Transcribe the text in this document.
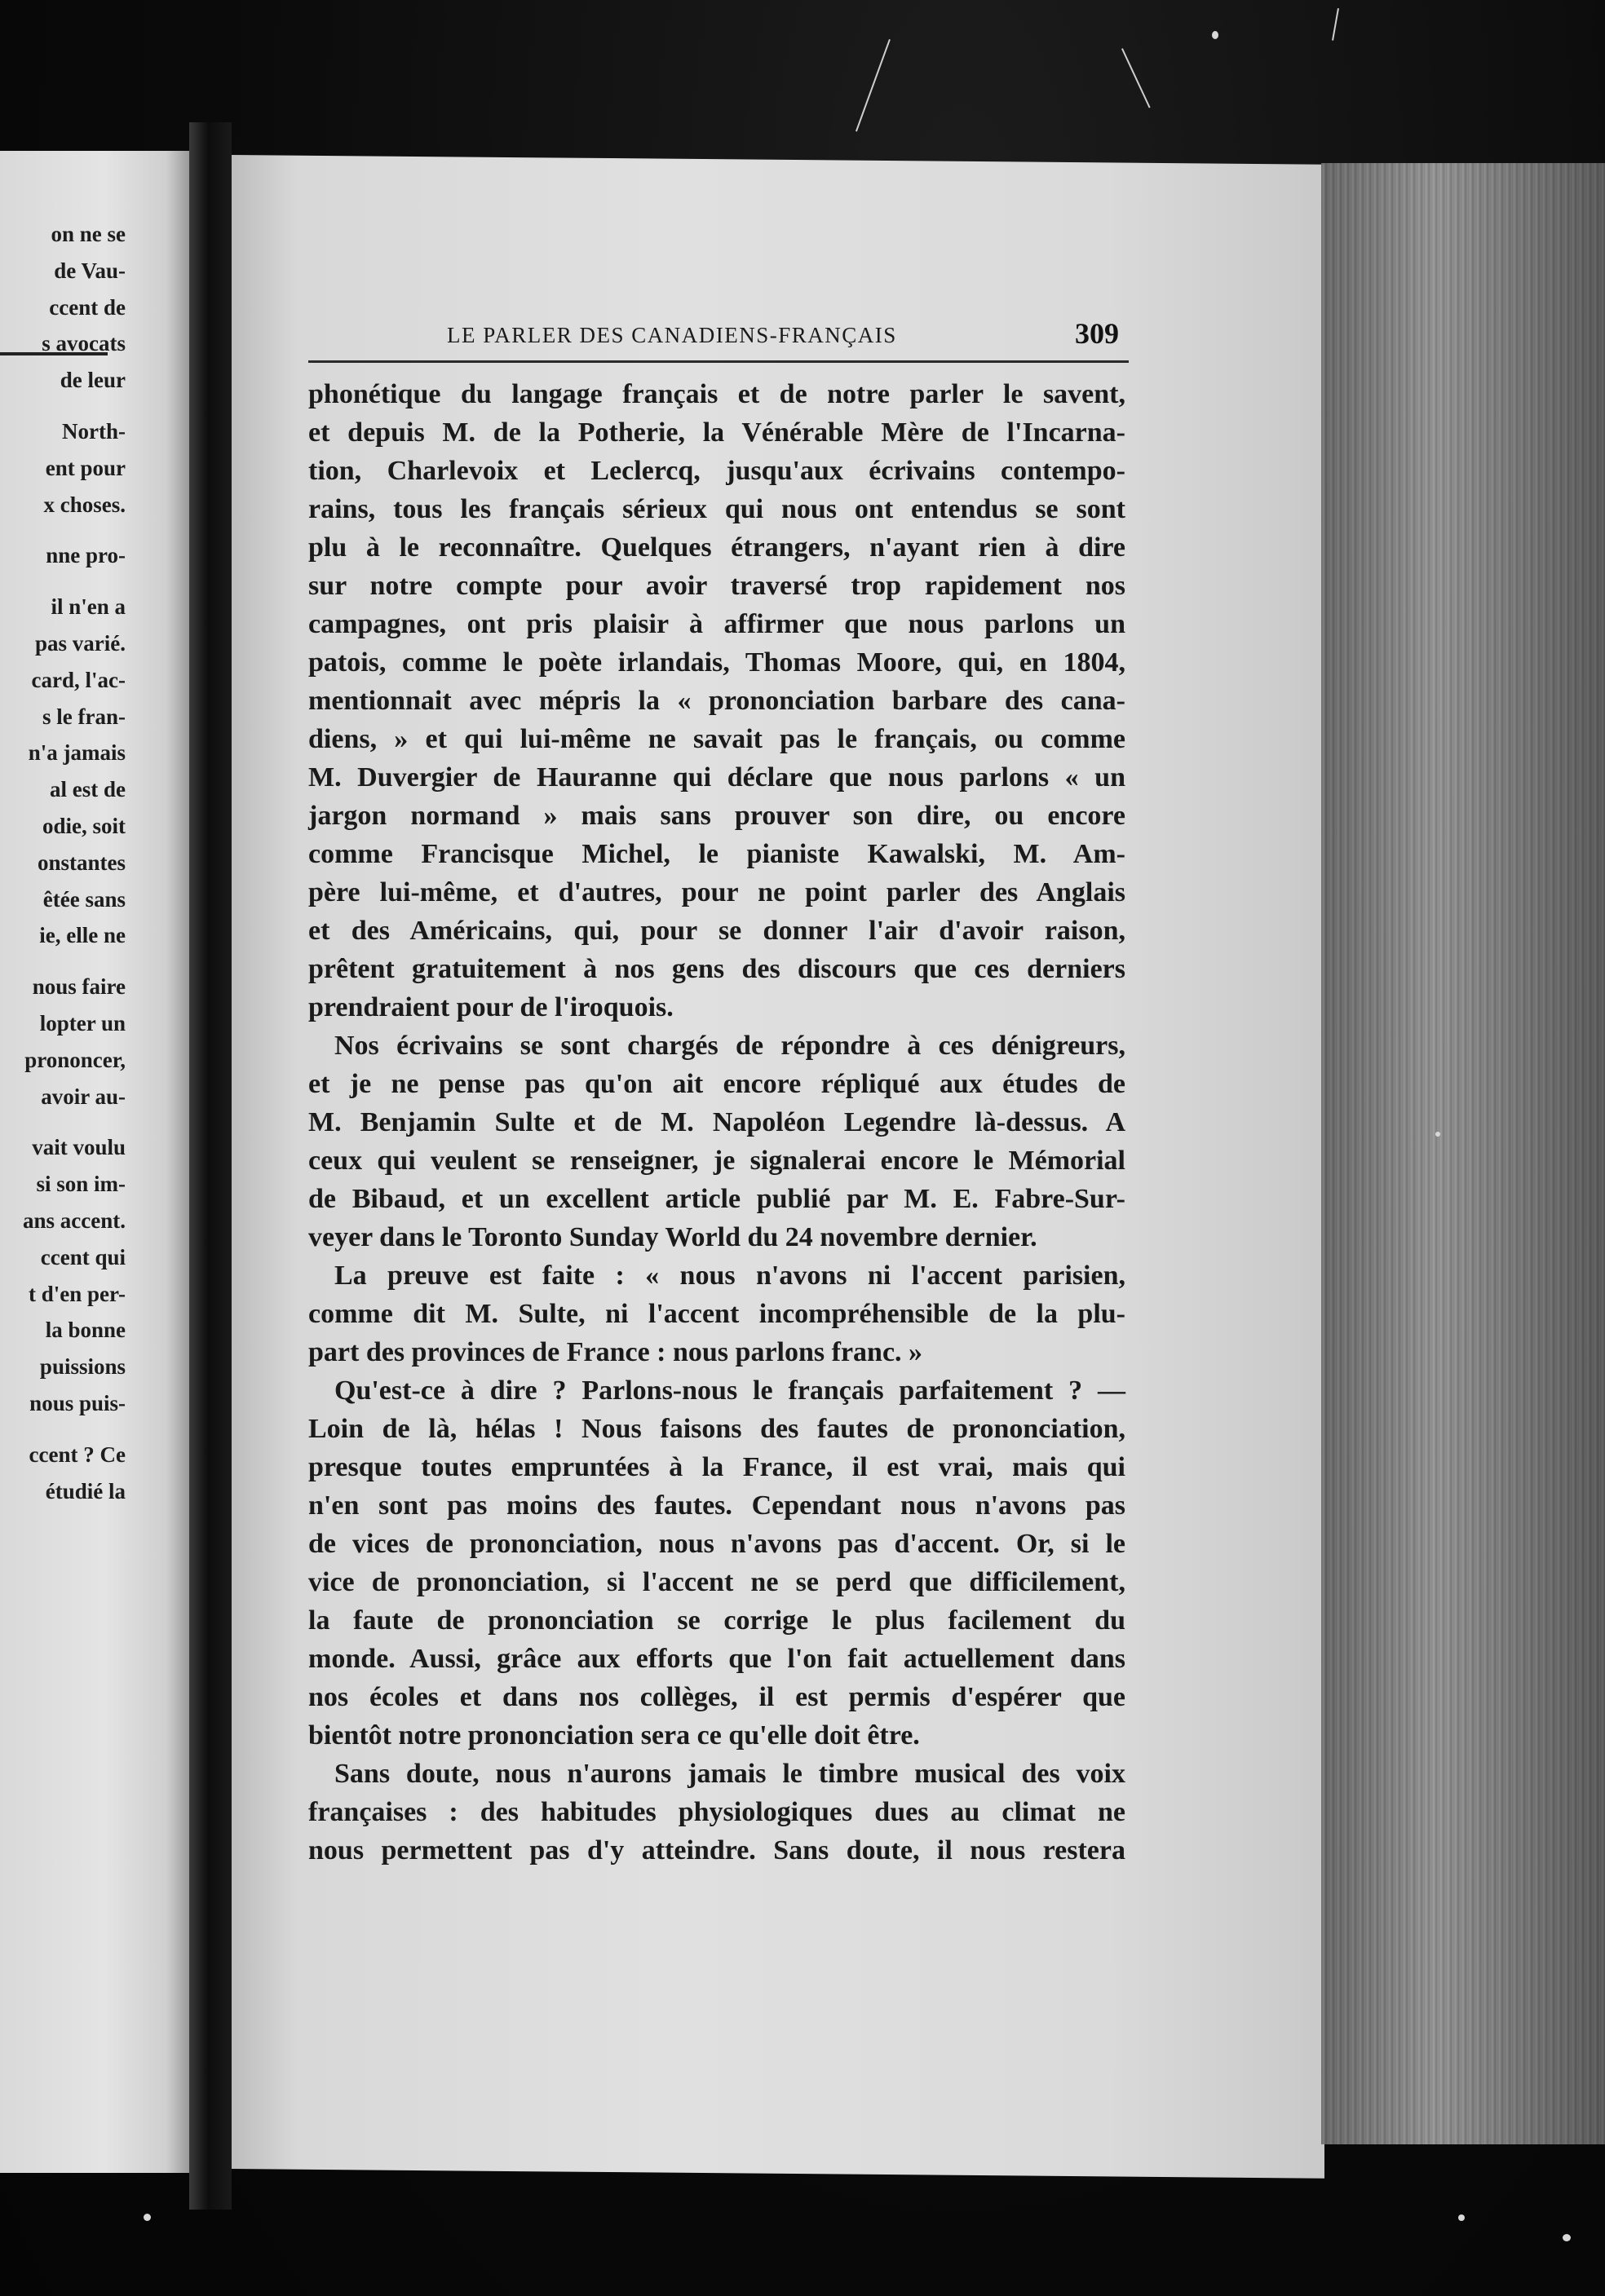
on ne se
de Vau-
ccent de
s avocats
de leur
North-
ent pour
x choses.
nne pro-
il n'en a
pas varié.
card, l'ac-
s le fran-
n'a jamais
al est de
odie, soit
onstantes
êtée sans
ie, elle ne
nous faire
lopter un
prononcer,
avoir au-
vait voulu
si son im-
ans accent.
ccent qui
t d'en per-
la bonne
puissions
nous puis-
ccent ? Ce
étudié la
LE PARLER DES CANADIENS-FRANÇAIS	309
phonétique du langage français et de notre parler le savent,
et depuis M. de la Potherie, la Vénérable Mère de l'Incarna-
tion, Charlevoix et Leclercq, jusqu'aux écrivains contempo-
rains, tous les français sérieux qui nous ont entendus se sont
plu à le reconnaître. Quelques étrangers, n'ayant rien à dire
sur notre compte pour avoir traversé trop rapidement nos
campagnes, ont pris plaisir à affirmer que nous parlons un
patois, comme le poète irlandais, Thomas Moore, qui, en 1804,
mentionnait avec mépris la « prononciation barbare des cana-
diens, » et qui lui-même ne savait pas le français, ou comme
M. Duvergier de Hauranne qui déclare que nous parlons « un
jargon normand » mais sans prouver son dire, ou encore
comme Francisque Michel, le pianiste Kawalski, M. Am-
père lui-même, et d'autres, pour ne point parler des Anglais
et des Américains, qui, pour se donner l'air d'avoir raison,
prêtent gratuitement à nos gens des discours que ces derniers
prendraient pour de l'iroquois.
Nos écrivains se sont chargés de répondre à ces dénigreurs,
et je ne pense pas qu'on ait encore répliqué aux études de
M. Benjamin Sulte et de M. Napoléon Legendre là-dessus. A
ceux qui veulent se renseigner, je signalerai encore le Mémorial
de Bibaud, et un excellent article publié par M. E. Fabre-Sur-
veyer dans le Toronto Sunday World du 24 novembre dernier.
La preuve est faite : « nous n'avons ni l'accent parisien,
comme dit M. Sulte, ni l'accent incompréhensible de la plu-
part des provinces de France : nous parlons franc. »
Qu'est-ce à dire ? Parlons-nous le français parfaitement ? —
Loin de là, hélas ! Nous faisons des fautes de prononciation,
presque toutes empruntées à la France, il est vrai, mais qui
n'en sont pas moins des fautes. Cependant nous n'avons pas
de vices de prononciation, nous n'avons pas d'accent. Or, si le
vice de prononciation, si l'accent ne se perd que difficilement,
la faute de prononciation se corrige le plus facilement du
monde. Aussi, grâce aux efforts que l'on fait actuellement dans
nos écoles et dans nos collèges, il est permis d'espérer que
bientôt notre prononciation sera ce qu'elle doit être.
Sans doute, nous n'aurons jamais le timbre musical des voix
françaises : des habitudes physiologiques dues au climat ne
nous permettent pas d'y atteindre. Sans doute, il nous restera
